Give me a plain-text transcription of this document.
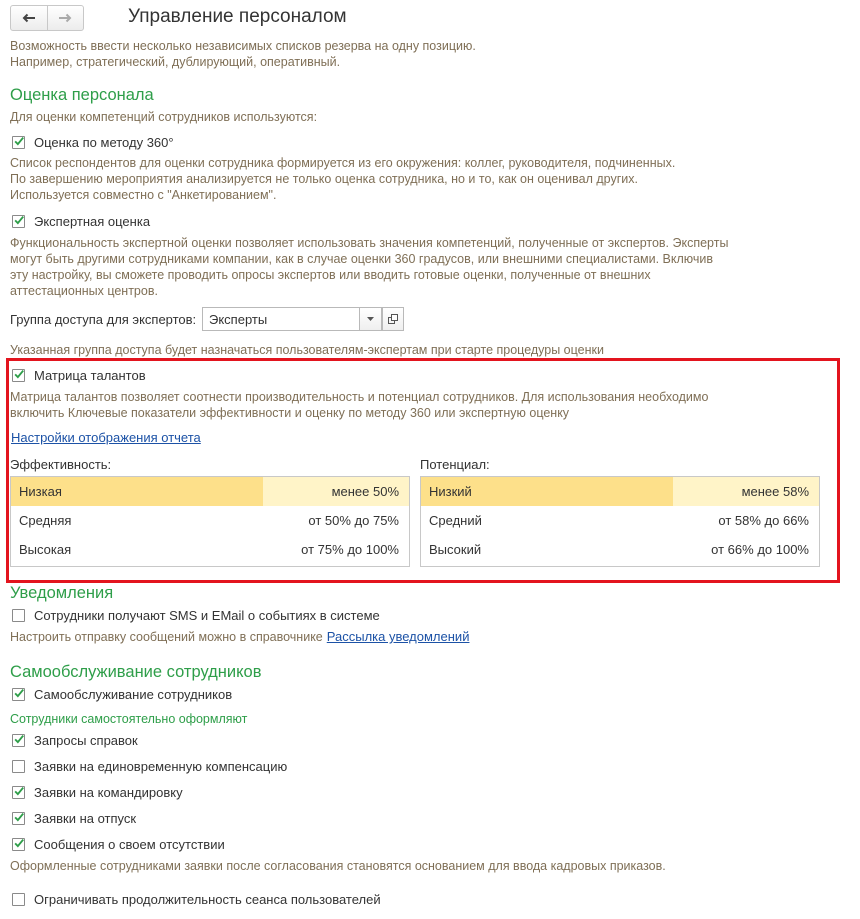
Управление персоналом
Возможность ввести несколько независимых списков резерва на одну позицию.
Например, стратегический, дублирующий, оперативный.
Оценка персонала
Для оценки компетенций сотрудников используются:
Оценка по методу 360°
Список респондентов для оценки сотрудника формируется из его окружения: коллег, руководителя, подчиненных.
По завершению мероприятия анализируется не только оценка сотрудника, но и то, как он оценивал других.
Используется совместно с "Анкетированием".
Экспертная оценка
Функциональность экспертной оценки позволяет использовать значения компетенций, полученные от экспертов. Эксперты
могут быть другими сотрудниками компании, как в случае оценки 360 градусов, или внешними специалистами. Включив
эту настройку, вы сможете проводить опросы экспертов или вводить готовые оценки, полученные от внешних
аттестационных центров.
Группа доступа для экспертов: Эксперты
Указанная группа доступа будет назначаться пользователям-экспертам при старте процедуры оценки
Матрица талантов
Матрица талантов позволяет соотнести производительность и потенциал сотрудников. Для использования необходимо
включить Ключевые показатели эффективности и оценку по методу 360 или экспертную оценку
Настройки отображения отчета
Эффективность:
Низкая	менее 50%
Средняя	от 50% до 75%
Высокая	от 75% до 100%
Потенциал:
Низкий	менее 58%
Средний	от 58% до 66%
Высокий	от 66% до 100%
Уведомления
Сотрудники получают SMS и EMail о событиях в системе
Настроить отправку сообщений можно в справочнике Рассылка уведомлений
Самообслуживание сотрудников
Самообслуживание сотрудников
Сотрудники самостоятельно оформляют
Запросы справок
Заявки на единовременную компенсацию
Заявки на командировку
Заявки на отпуск
Сообщения о своем отсутствии
Оформленные сотрудниками заявки после согласования становятся основанием для ввода кадровых приказов.
Ограничивать продолжительность сеанса пользователей
